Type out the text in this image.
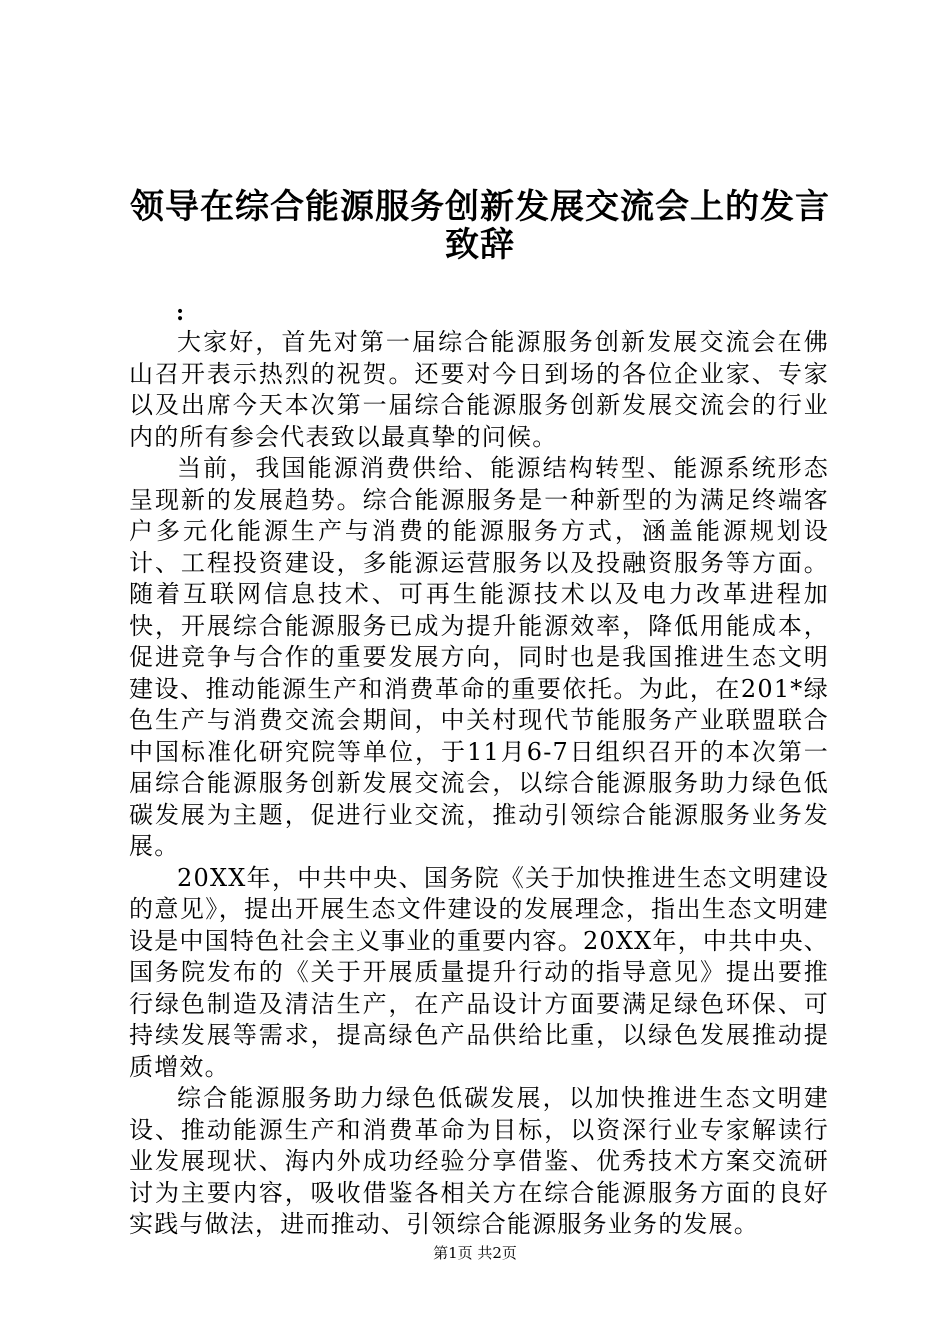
领导在综合能源服务创新发展交流会上的发言
致辞
:

大家好，首先对第一届综合能源服务创新发展交流会在佛山召开表示热烈的祝贺。还要对今日到场的各位企业家、专家以及出席今天本次第一届综合能源服务创新发展交流会的行业内的所有参会代表致以最真挚的问候。

当前，我国能源消费供给、能源结构转型、能源系统形态呈现新的发展趋势。综合能源服务是一种新型的为满足终端客户多元化能源生产与消费的能源服务方式，涵盖能源规划设计、工程投资建设，多能源运营服务以及投融资服务等方面。随着互联网信息技术、可再生能源技术以及电力改革进程加快，开展综合能源服务已成为提升能源效率，降低用能成本，促进竞争与合作的重要发展方向，同时也是我国推进生态文明建设、推动能源生产和消费革命的重要依托。为此，在201*绿色生产与消费交流会期间，中关村现代节能服务产业联盟联合中国标准化研究院等单位，于11月6-7日组织召开的本次第一届综合能源服务创新发展交流会，以综合能源服务助力绿色低碳发展为主题，促进行业交流，推动引领综合能源服务业务发展。

20XX年，中共中央、国务院《关于加快推进生态文明建设的意见》，提出开展生态文件建设的发展理念，指出生态文明建设是中国特色社会主义事业的重要内容。20XX年，中共中央、国务院发布的《关于开展质量提升行动的指导意见》提出要推行绿色制造及清洁生产，在产品设计方面要满足绿色环保、可持续发展等需求，提高绿色产品供给比重，以绿色发展推动提质增效。

综合能源服务助力绿色低碳发展，以加快推进生态文明建设、推动能源生产和消费革命为目标，以资深行业专家解读行业发展现状、海内外成功经验分享借鉴、优秀技术方案交流研讨为主要内容，吸收借鉴各相关方在综合能源服务方面的良好实践与做法，进而推动、引领综合能源服务业务的发展。

第1页 共2页
